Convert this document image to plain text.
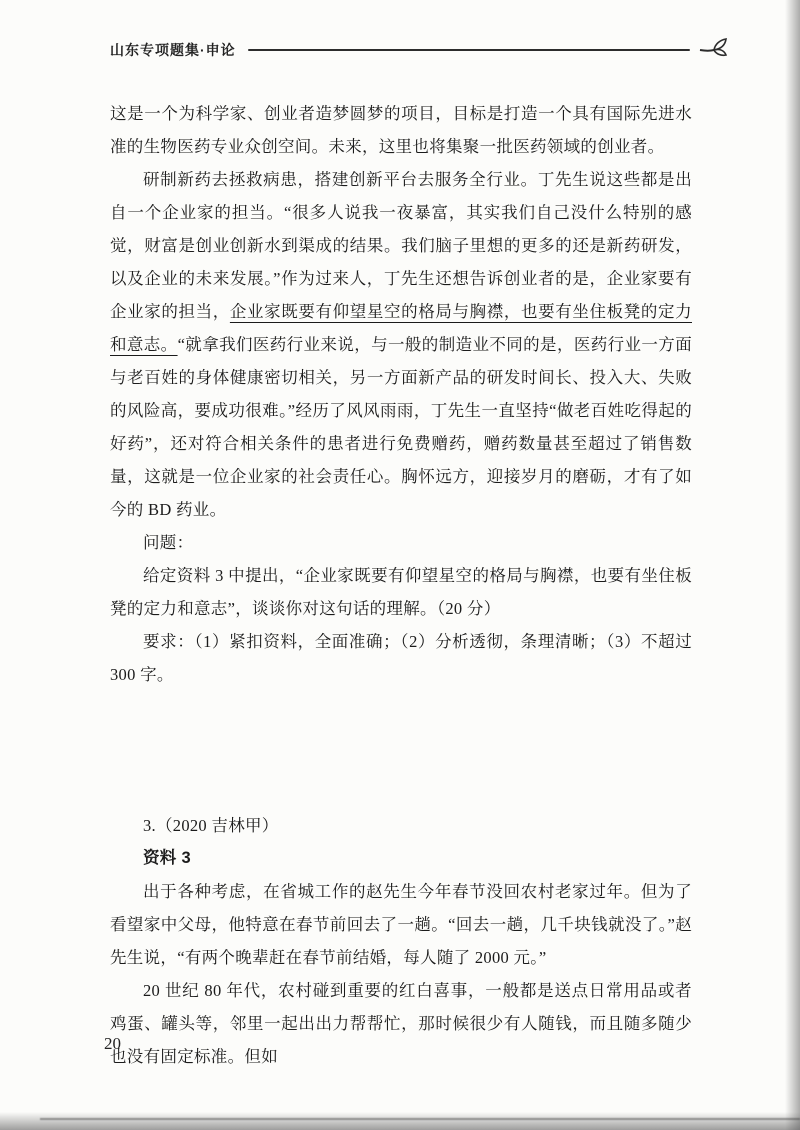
山东专项题集·申论

这是一个为科学家、创业者造梦圆梦的项目，目标是打造一个具有国际先进水准的生物医药专业众创空间。未来，这里也将集聚一批医药领域的创业者。

研制新药去拯救病患，搭建创新平台去服务全行业。丁先生说这些都是出自一个企业家的担当。“很多人说我一夜暴富，其实我们自己没什么特别的感觉，财富是创业创新水到渠成的结果。我们脑子里想的更多的还是新药研发，以及企业的未来发展。”作为过来人，丁先生还想告诉创业者的是，企业家要有企业家的担当，企业家既要有仰望星空的格局与胸襟，也要有坐住板凳的定力和意志。“就拿我们医药行业来说，与一般的制造业不同的是，医药行业一方面与老百姓的身体健康密切相关，另一方面新产品的研发时间长、投入大、失败的风险高，要成功很难。”经历了风风雨雨，丁先生一直坚持“做老百姓吃得起的好药”，还对符合相关条件的患者进行免费赠药，赠药数量甚至超过了销售数量，这就是一位企业家的社会责任心。胸怀远方，迎接岁月的磨砺，才有了如今的 BD 药业。

问题：

给定资料 3 中提出，“企业家既要有仰望星空的格局与胸襟，也要有坐住板凳的定力和意志”，谈谈你对这句话的理解。（20 分）

要求：（1）紧扣资料，全面准确；（2）分析透彻，条理清晰；（3）不超过 300 字。

3.（2020 吉林甲）

资料 3

出于各种考虑，在省城工作的赵先生今年春节没回农村老家过年。但为了看望家中父母，他特意在春节前回去了一趟。“回去一趟，几千块钱就没了。”赵先生说，“有两个晚辈赶在春节前结婚，每人随了 2000 元。”

20 世纪 80 年代，农村碰到重要的红白喜事，一般都是送点日常用品或者鸡蛋、罐头等，邻里一起出出力帮帮忙，那时候很少有人随钱，而且随多随少也没有固定标准。但如

20
